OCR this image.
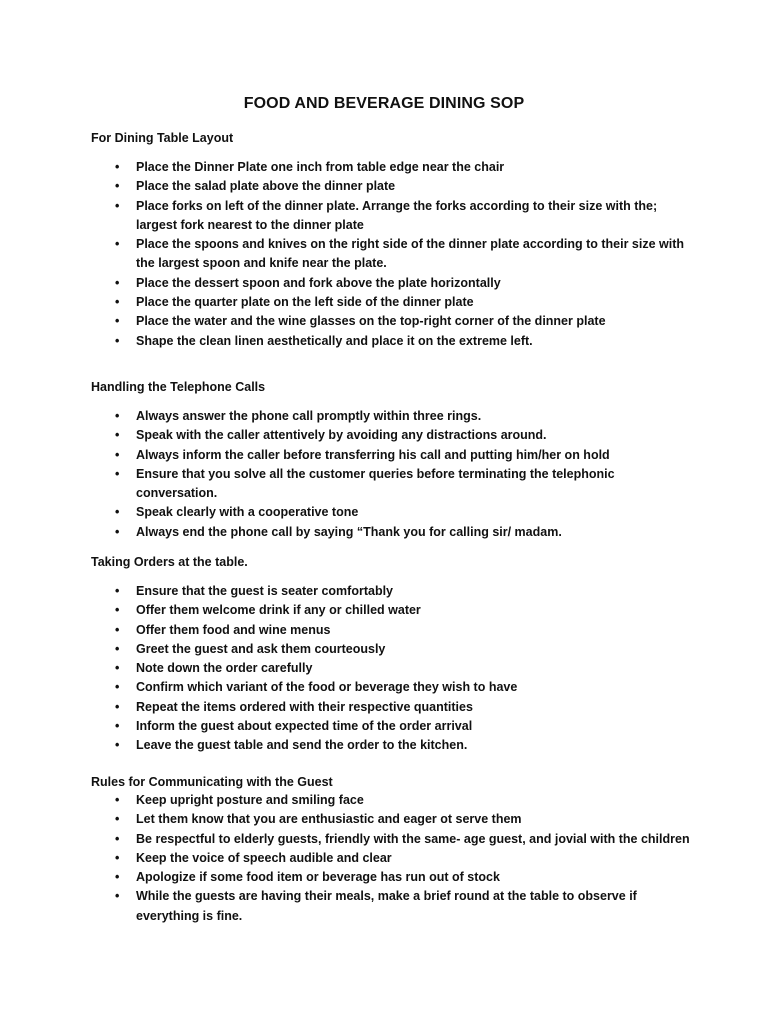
FOOD AND BEVERAGE DINING SOP

For Dining Table Layout

• Place the Dinner Plate one inch from table edge near the chair
• Place the salad plate above the dinner plate
• Place forks on left of the dinner plate. Arrange the forks according to their size with the; largest fork nearest to the dinner plate
• Place the spoons and knives on the right side of the dinner plate according to their size with the largest spoon and knife near the plate.
• Place the dessert spoon and fork above the plate horizontally
• Place the quarter plate on the left side of the dinner plate
• Place the water and the wine glasses on the top-right corner of the dinner plate
• Shape the clean linen aesthetically and place it on the extreme left.

Handling the Telephone Calls

• Always answer the phone call promptly within three rings.
• Speak with the caller attentively by avoiding any distractions around.
• Always inform the caller before transferring his call and putting him/her on hold
• Ensure that you solve all the customer queries before terminating the telephonic conversation.
• Speak clearly with a cooperative tone
• Always end the phone call by saying “Thank you for calling sir/ madam.

Taking Orders at the table.

• Ensure that the guest is seater comfortably
• Offer them welcome drink if any or chilled water
• Offer them food and wine menus
• Greet the guest and ask them courteously
• Note down the order carefully
• Confirm which variant of the food or beverage they wish to have
• Repeat the items ordered with their respective quantities
• Inform the guest about expected time of the order arrival
• Leave the guest table and send the order to the kitchen.

Rules for Communicating with the Guest

• Keep upright posture and smiling face
• Let them know that you are enthusiastic and eager ot serve them
• Be respectful to elderly guests, friendly with the same- age guest, and jovial with the children
• Keep the voice of speech audible and clear
• Apologize if some food item or beverage has run out of stock
• While the guests are having their meals, make a brief round at the table to observe if everything is fine.
